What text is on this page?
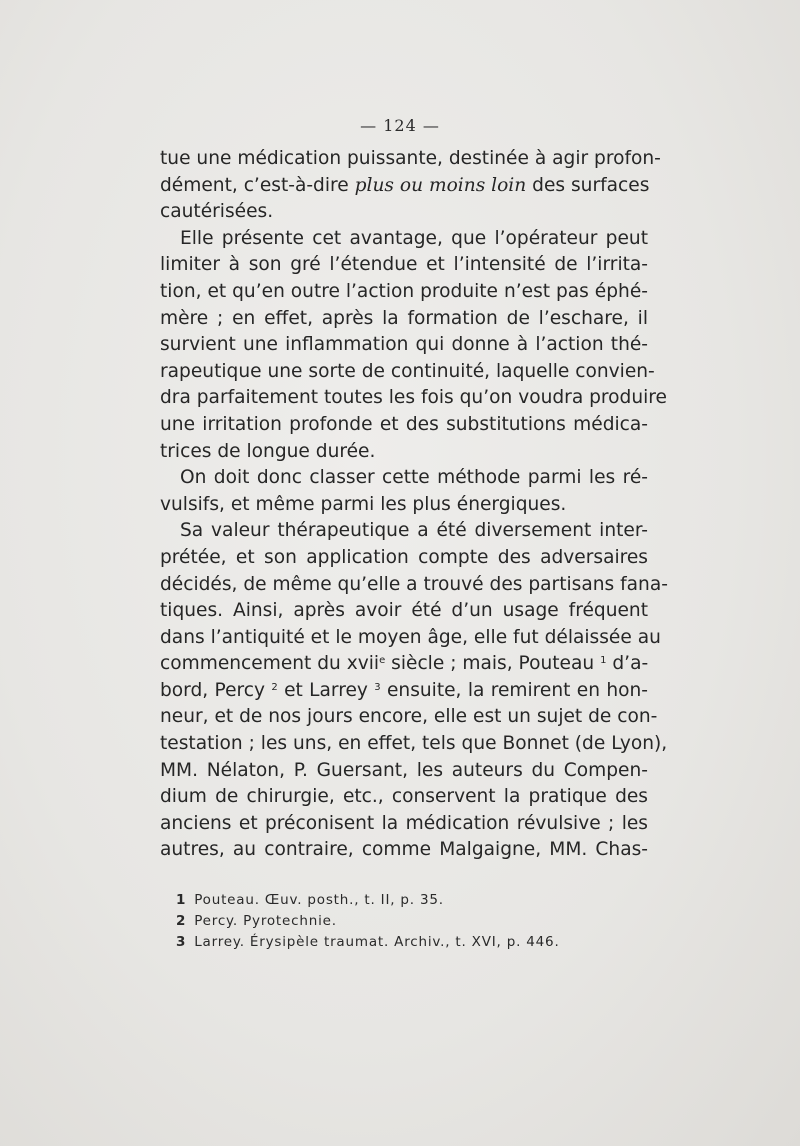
— 124 —
tue une médication puissante, destinée à agir profon-
dément, c’est-à-dire plus ou moins loin des surfaces
cautérisées.
Elle présente cet avantage, que l’opérateur peut
limiter à son gré l’étendue et l’intensité de l’irrita-
tion, et qu’en outre l’action produite n’est pas éphé-
mère ; en effet, après la formation de l’eschare, il
survient une inflammation qui donne à l’action thé-
rapeutique une sorte de continuité, laquelle convien-
dra parfaitement toutes les fois qu’on voudra produire
une irritation profonde et des substitutions médica-
trices de longue durée.
On doit donc classer cette méthode parmi les ré-
vulsifs, et même parmi les plus énergiques.
Sa valeur thérapeutique a été diversement inter-
prétée, et son application compte des adversaires
décidés, de même qu’elle a trouvé des partisans fana-
tiques. Ainsi, après avoir été d’un usage fréquent
dans l’antiquité et le moyen âge, elle fut délaissée au
commencement du xvii$^e$ siècle ; mais, Pouteau $^1$ d’a-
bord, Percy $^2$ et Larrey $^3$ ensuite, la remirent en hon-
neur, et de nos jours encore, elle est un sujet de con-
testation ; les uns, en effet, tels que Bonnet (de Lyon),
MM. Nélaton, P. Guersant, les auteurs du Compen-
dium de chirurgie, etc., conservent la pratique des
anciens et préconisent la médication révulsive ; les
autres, au contraire, comme Malgaigne, MM. Chas-
1 Pouteau. Œuv. posth., t. II, p. 35.
2 Percy. Pyrotechnie.
3 Larrey. Érysipèle traumat. Archiv., t. XVI, p. 446.
